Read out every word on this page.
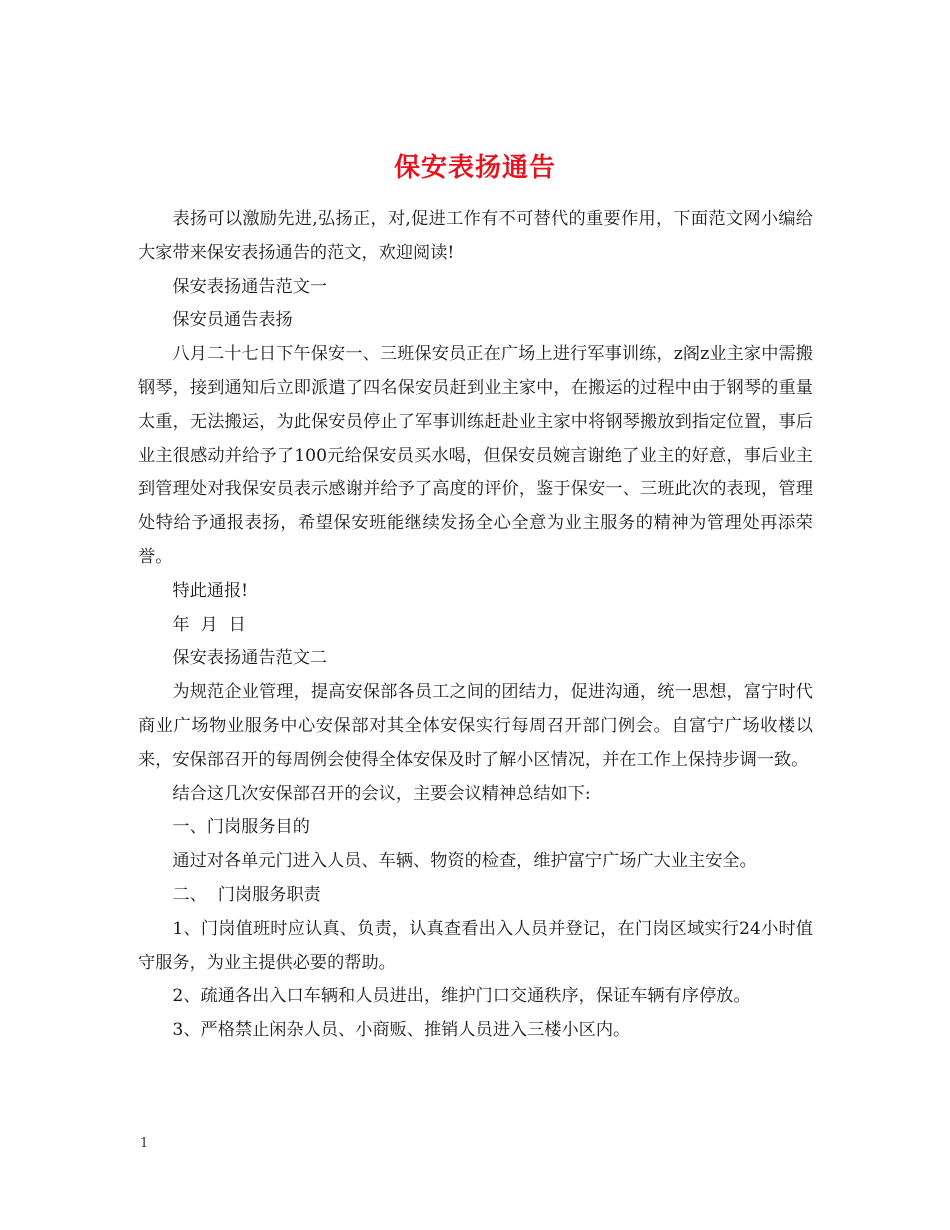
保安表扬通告

表扬可以激励先进,弘扬正，对,促进工作有不可替代的重要作用，下面范文网小编给大家带来保安表扬通告的范文，欢迎阅读!

保安表扬通告范文一

保安员通告表扬

八月二十七日下午保安一、三班保安员正在广场上进行军事训练，z阁z业主家中需搬钢琴，接到通知后立即派遣了四名保安员赶到业主家中，在搬运的过程中由于钢琴的重量太重，无法搬运，为此保安员停止了军事训练赶赴业主家中将钢琴搬放到指定位置，事后业主很感动并给予了100元给保安员买水喝，但保安员婉言谢绝了业主的好意，事后业主到管理处对我保安员表示感谢并给予了高度的评价，鉴于保安一、三班此次的表现，管理处特给予通报表扬，希望保安班能继续发扬全心全意为业主服务的精神为管理处再添荣誉。

特此通报!

年  月  日

保安表扬通告范文二

为规范企业管理，提高安保部各员工之间的团结力，促进沟通，统一思想，富宁时代商业广场物业服务中心安保部对其全体安保实行每周召开部门例会。自富宁广场收楼以来，安保部召开的每周例会使得全体安保及时了解小区情况，并在工作上保持步调一致。

结合这几次安保部召开的会议，主要会议精神总结如下:

一、门岗服务目的

通过对各单元门进入人员、车辆、物资的检查，维护富宁广场广大业主安全。

二、  门岗服务职责

1、门岗值班时应认真、负责，认真查看出入人员并登记，在门岗区域实行24小时值守服务，为业主提供必要的帮助。

2、疏通各出入口车辆和人员进出，维护门口交通秩序，保证车辆有序停放。

3、严格禁止闲杂人员、小商贩、推销人员进入三楼小区内。

1
